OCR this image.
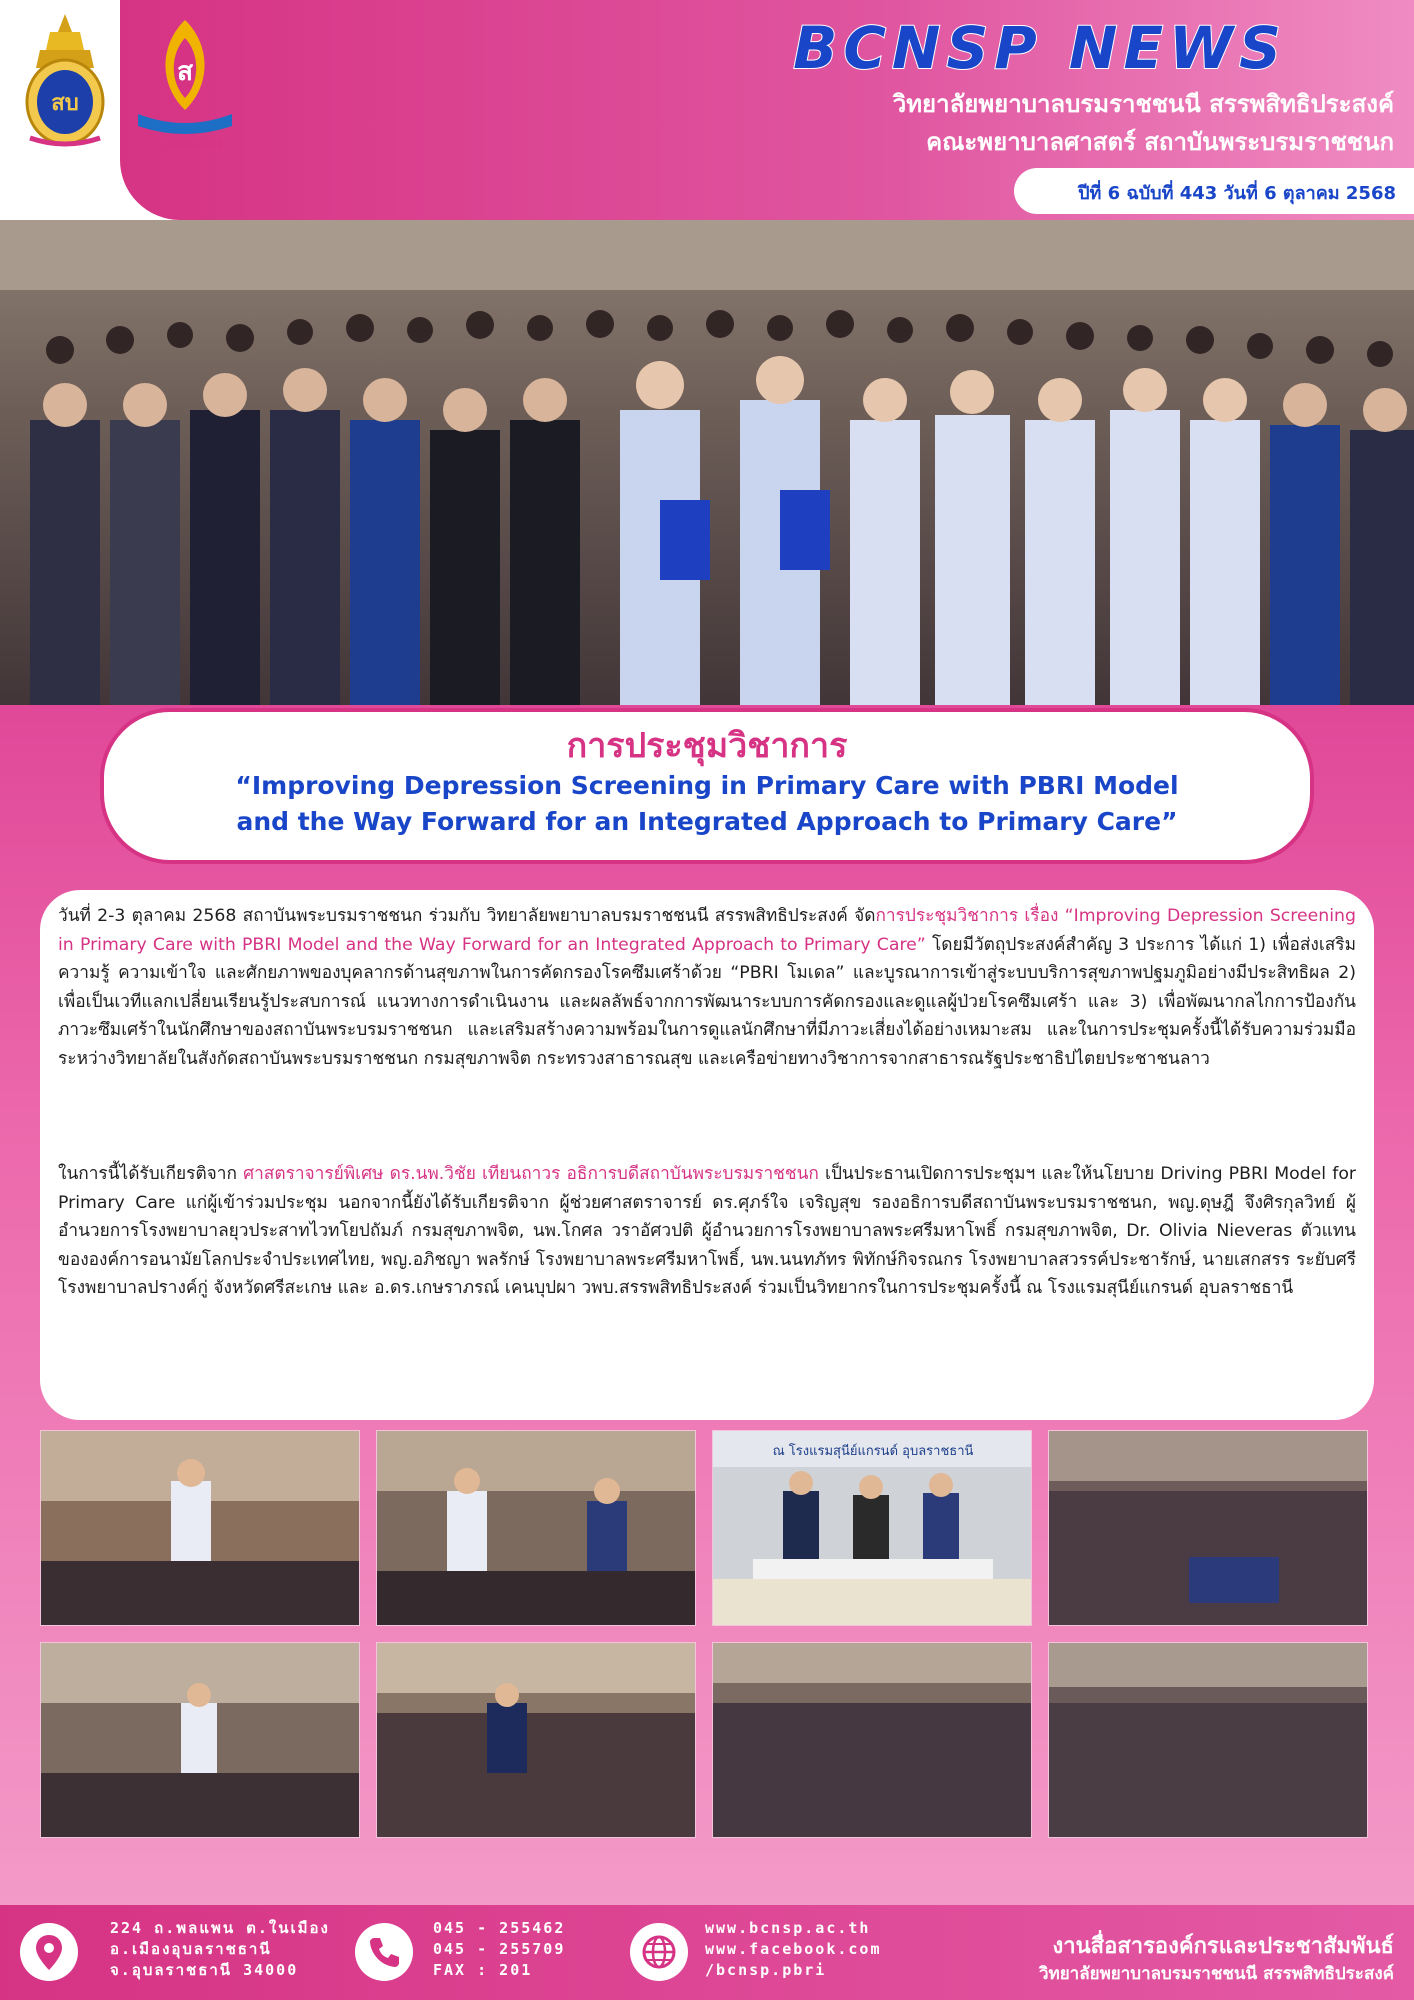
สบ
ส
สรรพสิทธิประสงค์
BCNSP NEWS
วิทยาลัยพยาบาลบรมราชชนนี สรรพสิทธิประสงค์
คณะพยาบาลศาสตร์ สถาบันพระบรมราชชนก
ปีที่ 6 ฉบับที่ 443 วันที่ 6 ตุลาคม 2568
การประชุมวิชาการ
“Improving Depression Screening in Primary Care with PBRI Model
and the Way Forward for an Integrated Approach to Primary Care”
วันที่ 2-3 ตุลาคม 2568 สถาบันพระบรมราชชนก ร่วมกับ วิทยาลัยพยาบาลบรมราชชนนี สรรพสิทธิประสงค์ จัดการประชุมวิชาการ เรื่อง “Improving Depression Screening in Primary Care with PBRI Model and the Way Forward for an Integrated Approach to Primary Care” โดยมีวัตถุประสงค์สำคัญ 3 ประการ ได้แก่ 1) เพื่อส่งเสริมความรู้ ความเข้าใจ และศักยภาพของบุคลากรด้านสุขภาพในการคัดกรองโรคซึมเศร้าด้วย “PBRI โมเดล” และบูรณาการเข้าสู่ระบบบริการสุขภาพปฐมภูมิอย่างมีประสิทธิผล 2) เพื่อเป็นเวทีแลกเปลี่ยนเรียนรู้ประสบการณ์ แนวทางการดำเนินงาน และผลลัพธ์จากการพัฒนาระบบการคัดกรองและดูแลผู้ป่วยโรคซึมเศร้า และ 3) เพื่อพัฒนากลไกการป้องกันภาวะซึมเศร้าในนักศึกษาของสถาบันพระบรมราชชนก และเสริมสร้างความพร้อมในการดูแลนักศึกษาที่มีภาวะเสี่ยงได้อย่างเหมาะสม และในการประชุมครั้งนี้ได้รับความร่วมมือระหว่างวิทยาลัยในสังกัดสถาบันพระบรมราชชนก กรมสุขภาพจิต กระทรวงสาธารณสุข และเครือข่ายทางวิชาการจากสาธารณรัฐประชาธิปไตยประชาชนลาว
ในการนี้ได้รับเกียรติจาก ศาสตราจารย์พิเศษ ดร.นพ.วิชัย เทียนถาวร อธิการบดีสถาบันพระบรมราชชนก เป็นประธานเปิดการประชุมฯ และให้นโยบาย Driving PBRI Model for Primary Care แก่ผู้เข้าร่วมประชุม นอกจากนี้ยังได้รับเกียรติจาก ผู้ช่วยศาสตราจารย์ ดร.ศุภร์ใจ เจริญสุข รองอธิการบดีสถาบันพระบรมราชชนก, พญ.ดุษฎี จึงศิรกุลวิทย์ ผู้อำนวยการโรงพยาบาลยุวประสาทไวทโยปถัมภ์ กรมสุขภาพจิต, นพ.โกศล วราอัศวปติ ผู้อำนวยการโรงพยาบาลพระศรีมหาโพธิ์ กรมสุขภาพจิต, Dr. Olivia Nieveras ตัวแทนขององค์การอนามัยโลกประจำประเทศไทย, พญ.อภิชญา พลรักษ์ โรงพยาบาลพระศรีมหาโพธิ์, นพ.นนทภัทร พิทักษ์กิจรณกร โรงพยาบาลสวรรค์ประชารักษ์, นายเสกสรร ระยับศรี โรงพยาบาลปรางค์กู่ จังหวัดศรีสะเกษ และ อ.ดร.เกษราภรณ์ เคนบุปผา วพบ.สรรพสิทธิประสงค์ ร่วมเป็นวิทยากรในการประชุมครั้งนี้ ณ โรงแรมสุนีย์แกรนด์ อุบลราชธานี
ณ โรงแรมสุนีย์แกรนด์ อุบลราชธานี
224 ถ.พลแพน ต.ในเมือง
อ.เมืองอุบลราชธานี
จ.อุบลราชธานี 34000
045 - 255462
045 - 255709
FAX : 201
www.bcnsp.ac.th
www.facebook.com
/bcnsp.pbri
งานสื่อสารองค์กรและประชาสัมพันธ์
วิทยาลัยพยาบาลบรมราชชนนี สรรพสิทธิประสงค์
